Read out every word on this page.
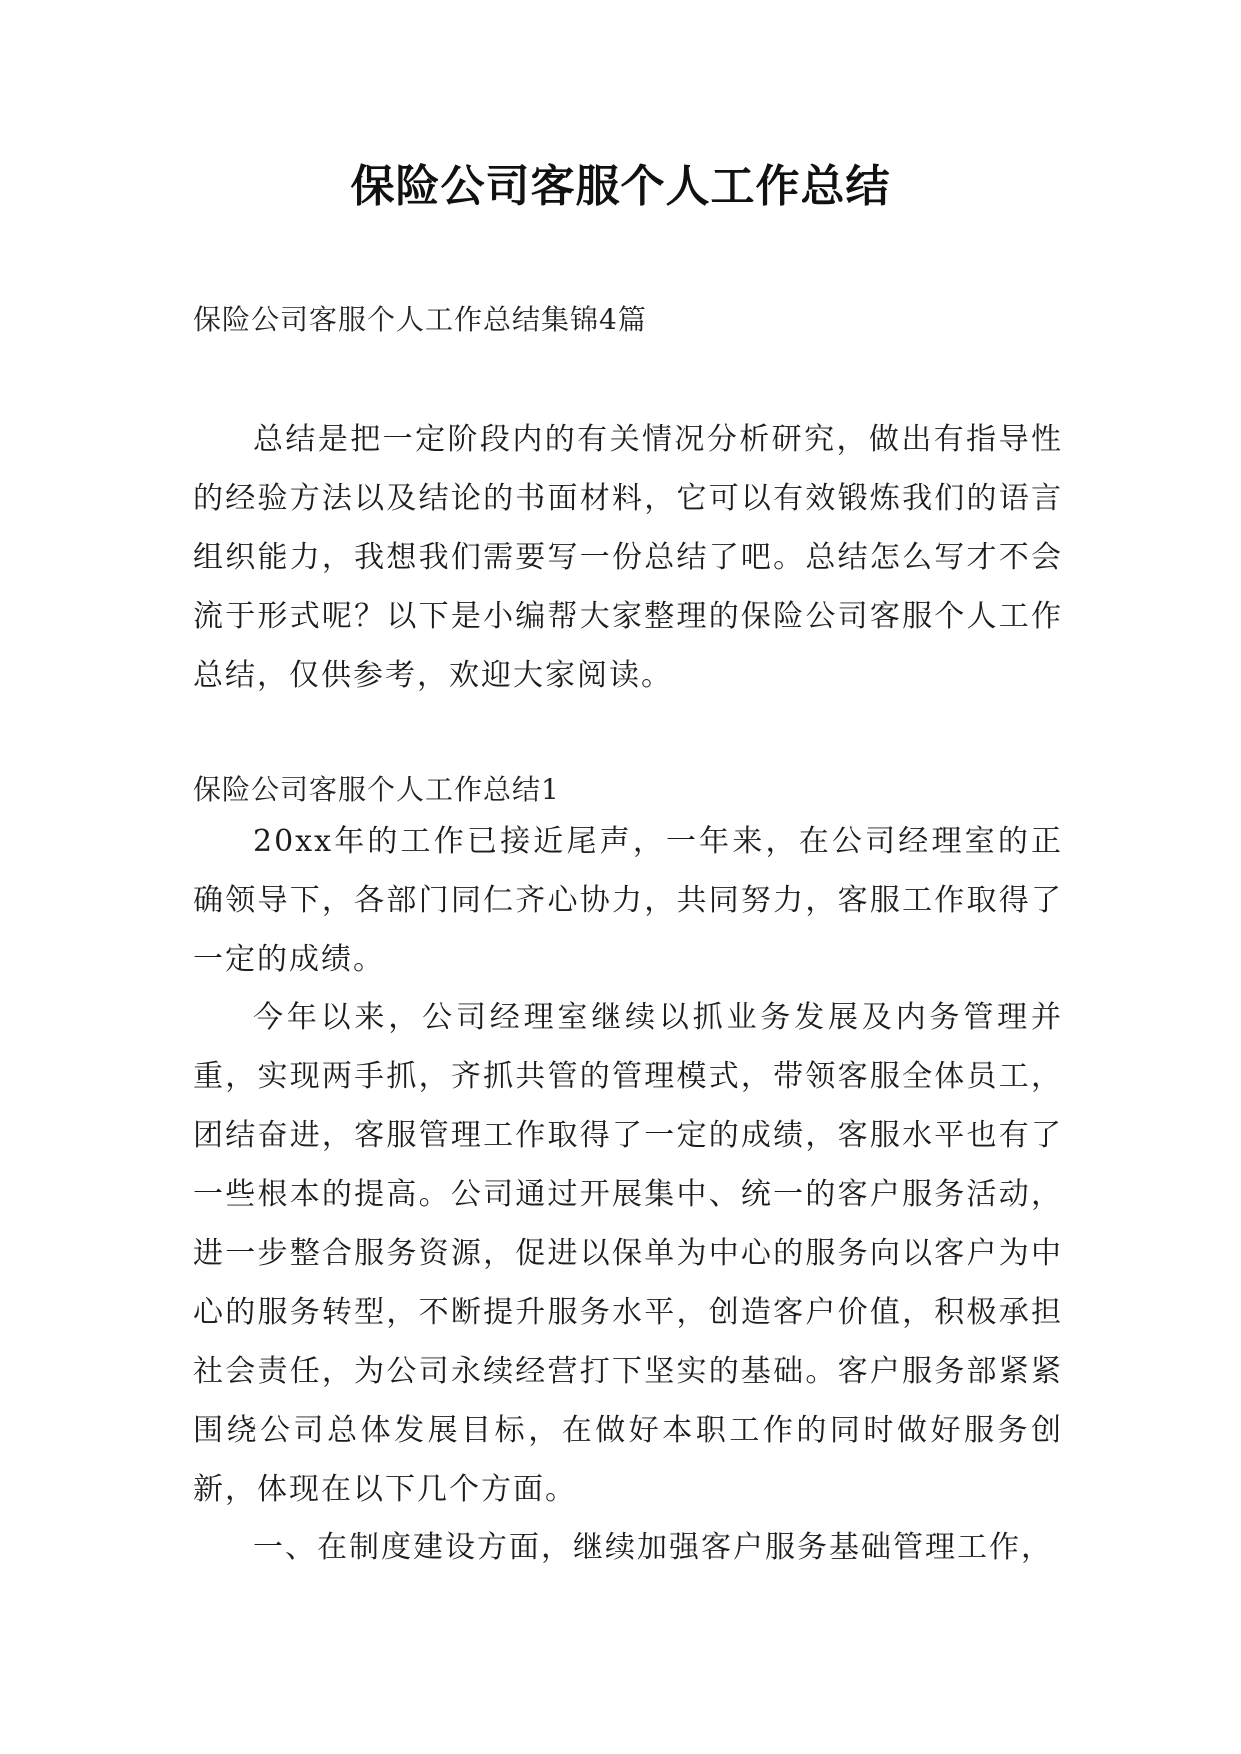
保险公司客服个人工作总结
保险公司客服个人工作总结集锦4篇
总结是把一定阶段内的有关情况分析研究，做出有指导性的经验方法以及结论的书面材料，它可以有效锻炼我们的语言组织能力，我想我们需要写一份总结了吧。总结怎么写才不会流于形式呢？以下是小编帮大家整理的保险公司客服个人工作总结，仅供参考，欢迎大家阅读。
保险公司客服个人工作总结1
20xx年的工作已接近尾声，一年来，在公司经理室的正确领导下，各部门同仁齐心协力，共同努力，客服工作取得了一定的成绩。
今年以来，公司经理室继续以抓业务发展及内务管理并重，实现两手抓，齐抓共管的管理模式，带领客服全体员工，团结奋进，客服管理工作取得了一定的成绩，客服水平也有了一些根本的提高。公司通过开展集中、统一的客户服务活动，进一步整合服务资源，促进以保单为中心的服务向以客户为中心的服务转型，不断提升服务水平，创造客户价值，积极承担社会责任，为公司永续经营打下坚实的基础。客户服务部紧紧围绕公司总体发展目标，在做好本职工作的同时做好服务创新，体现在以下几个方面。
一、在制度建设方面，继续加强客户服务基础管理工作，
